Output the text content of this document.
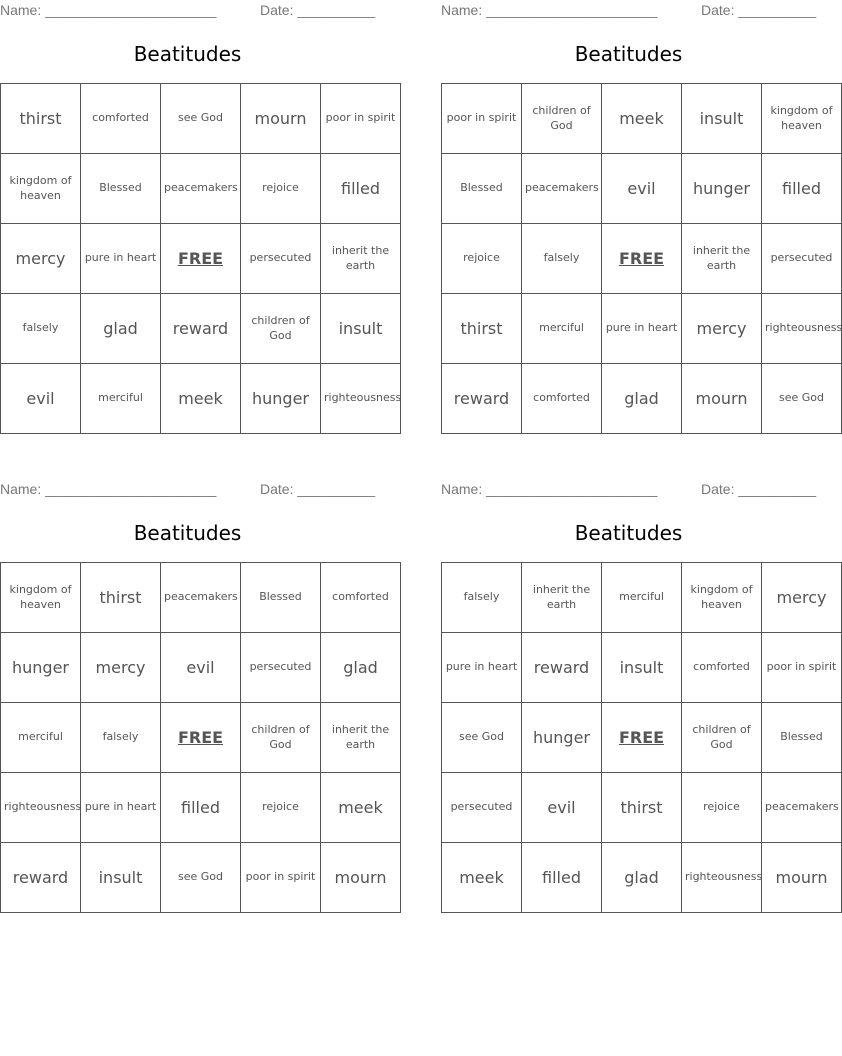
Name: ______________________	Date: __________
Beatitudes
thirst	comforted	see God	mourn	poor in spirit
kingdom of heaven	Blessed	peacemakers	rejoice	filled
mercy	pure in heart	FREE	persecuted	inherit the earth
falsely	glad	reward	children of God	insult
evil	merciful	meek	hunger	righteousness
Name: ______________________	Date: __________
Beatitudes
poor in spirit	children of God	meek	insult	kingdom of heaven
Blessed	peacemakers	evil	hunger	filled
rejoice	falsely	FREE	inherit the earth	persecuted
thirst	merciful	pure in heart	mercy	righteousness
reward	comforted	glad	mourn	see God
Name: ______________________	Date: __________
Beatitudes
kingdom of heaven	thirst	peacemakers	Blessed	comforted
hunger	mercy	evil	persecuted	glad
merciful	falsely	FREE	children of God	inherit the earth
righteousness	pure in heart	filled	rejoice	meek
reward	insult	see God	poor in spirit	mourn
Name: ______________________	Date: __________
Beatitudes
falsely	inherit the earth	merciful	kingdom of heaven	mercy
pure in heart	reward	insult	comforted	poor in spirit
see God	hunger	FREE	children of God	Blessed
persecuted	evil	thirst	rejoice	peacemakers
meek	filled	glad	righteousness	mourn
